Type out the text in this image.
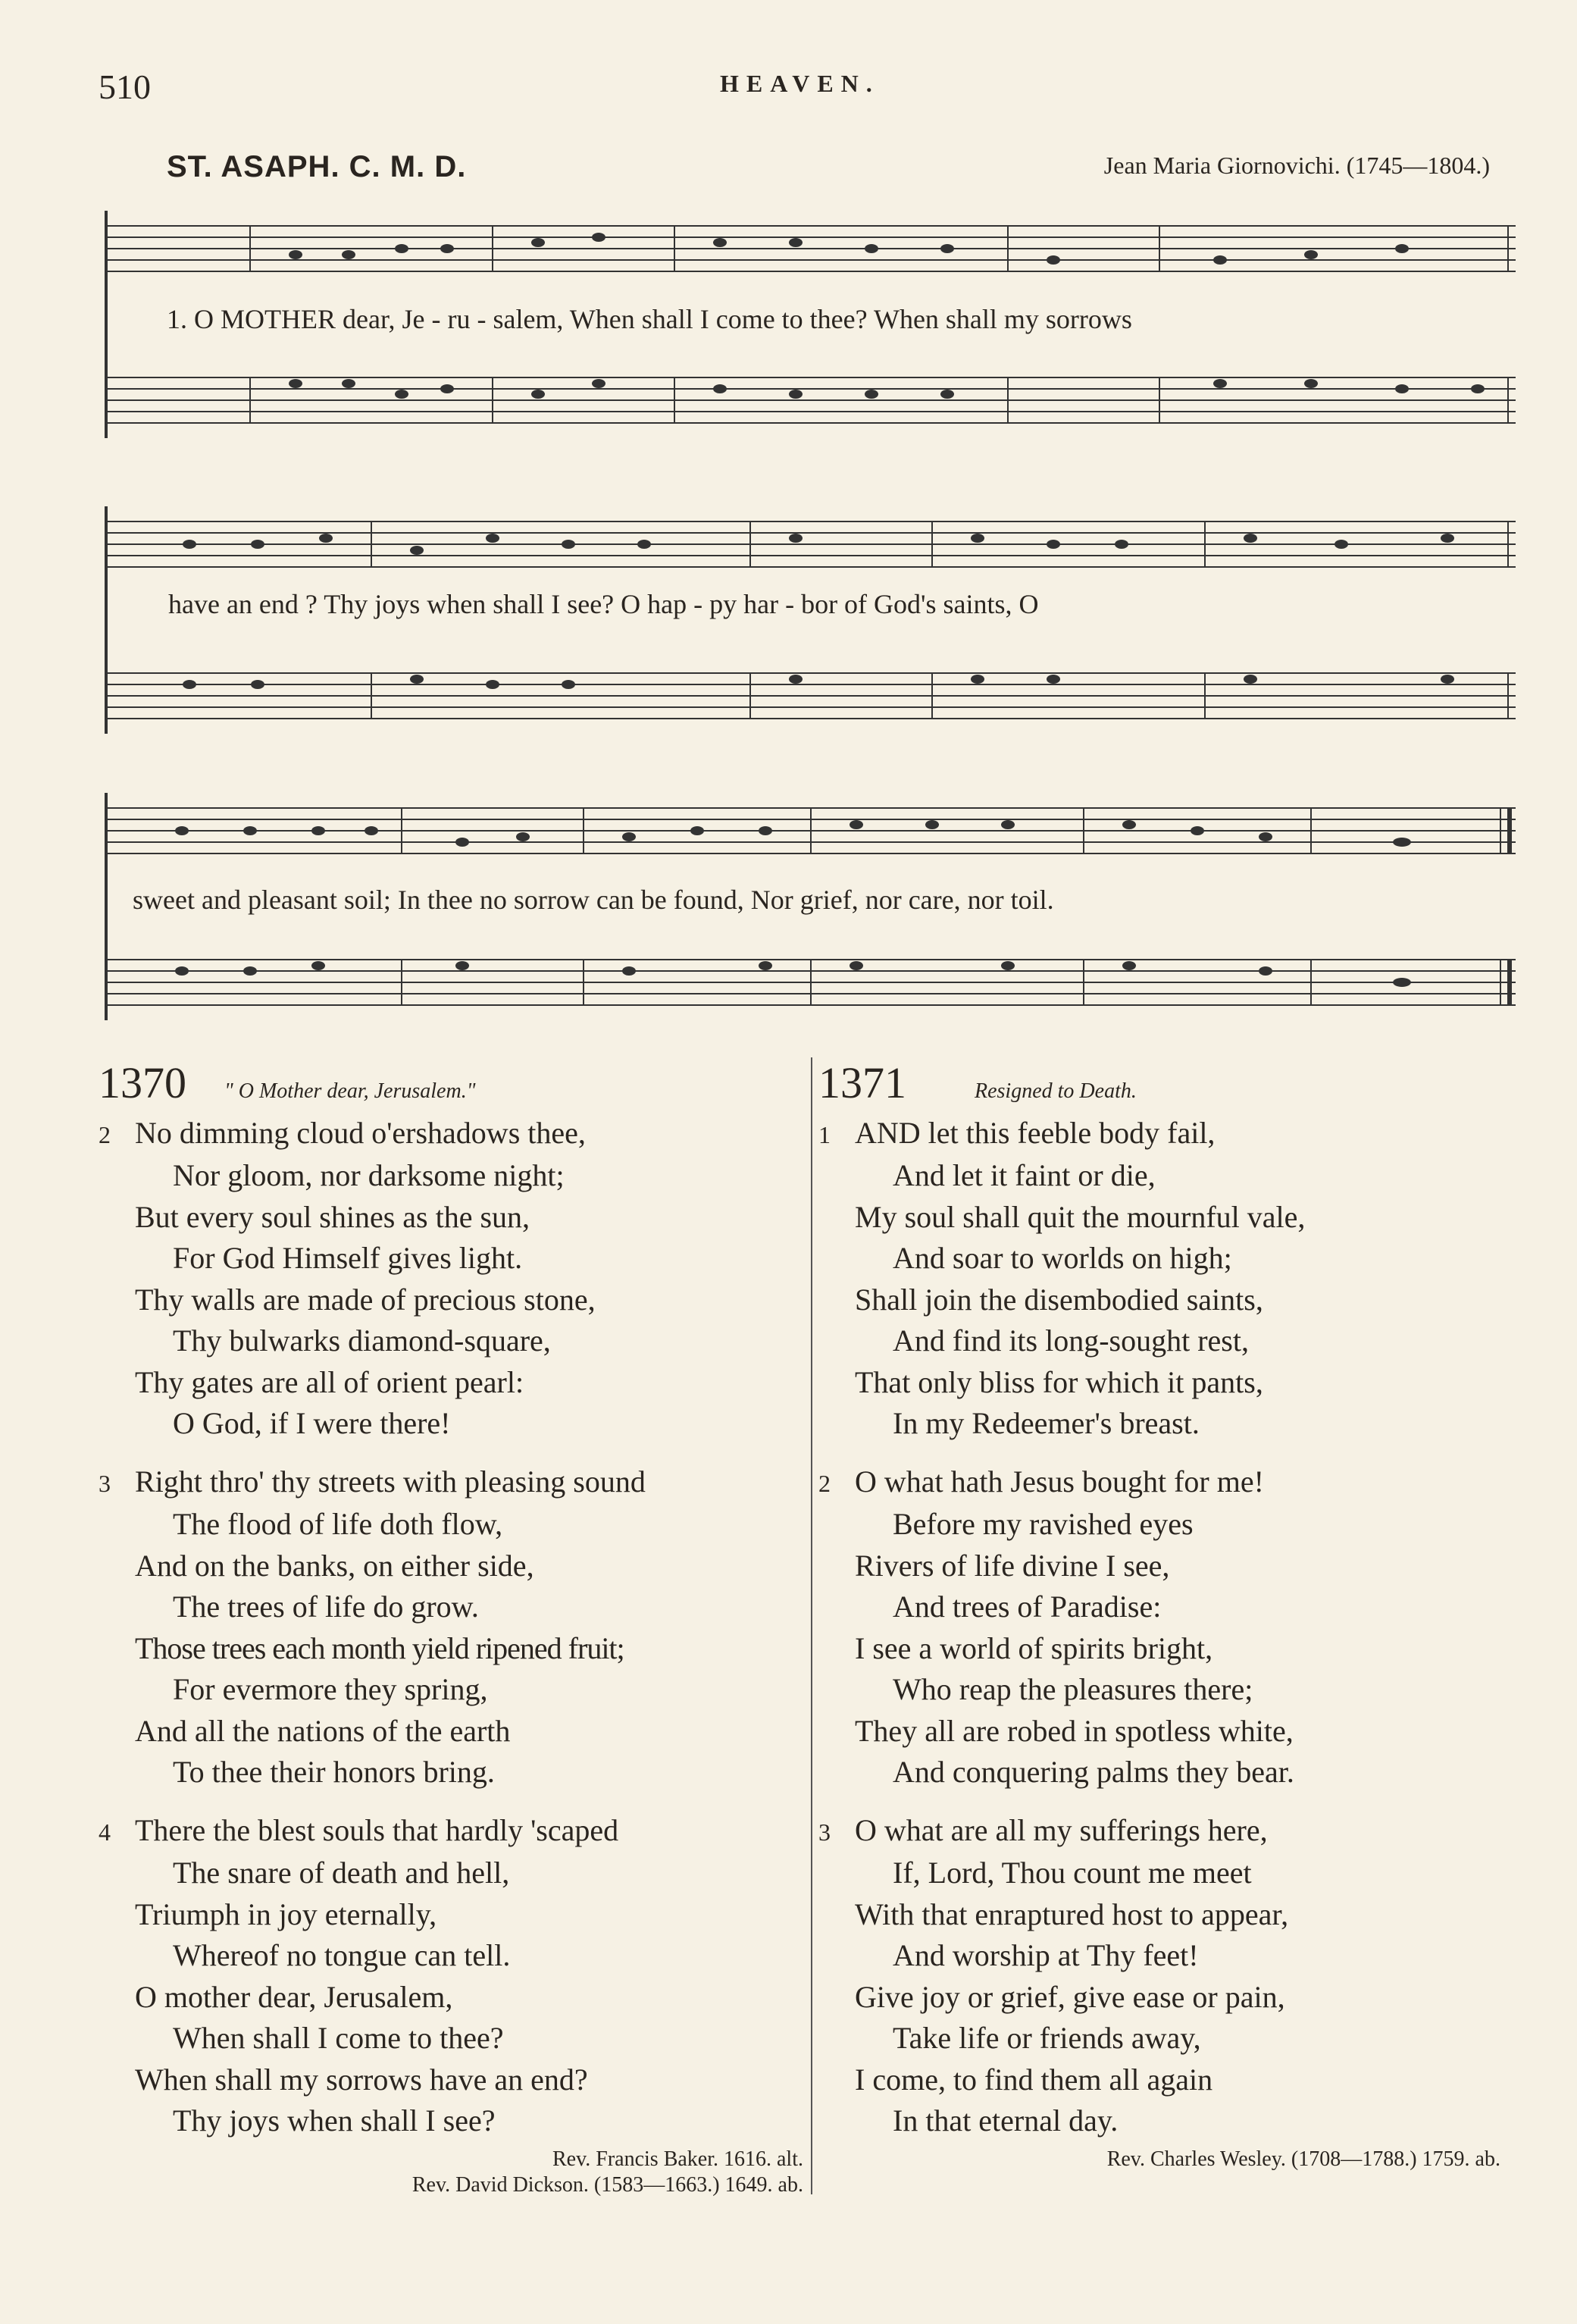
510	HEAVEN.
ST. ASAPH. C. M. D.	Jean Maria Giornovichi. (1745—1804.)
1. O MOTHER dear, Je - ru - salem, When shall I come to thee? When shall my sorrows
have an end ? Thy joys when shall I see? O hap - py har - bor of God's saints, O
sweet and pleasant soil; In thee no sorrow can be found, Nor grief, nor care, nor toil.
1370 " O Mother dear, Jerusalem."
2 No dimming cloud o'ershadows thee,
Nor gloom, nor darksome night;
But every soul shines as the sun,
For God Himself gives light.
Thy walls are made of precious stone,
Thy bulwarks diamond-square,
Thy gates are all of orient pearl:
O God, if I were there!
3 Right thro' thy streets with pleasing sound
The flood of life doth flow,
And on the banks, on either side,
The trees of life do grow.
Those trees each month yield ripened fruit;
For evermore they spring,
And all the nations of the earth
To thee their honors bring.
4 There the blest souls that hardly 'scaped
The snare of death and hell,
Triumph in joy eternally,
Whereof no tongue can tell.
O mother dear, Jerusalem,
When shall I come to thee?
When shall my sorrows have an end?
Thy joys when shall I see?
Rev. Francis Baker. 1616. alt.
Rev. David Dickson. (1583—1663.) 1649. ab.
1371	Resigned to Death.
1 AND let this feeble body fail,
And let it faint or die,
My soul shall quit the mournful vale,
And soar to worlds on high;
Shall join the disembodied saints,
And find its long-sought rest,
That only bliss for which it pants,
In my Redeemer's breast.
2 O what hath Jesus bought for me!
Before my ravished eyes
Rivers of life divine I see,
And trees of Paradise:
I see a world of spirits bright,
Who reap the pleasures there;
They all are robed in spotless white,
And conquering palms they bear.
3 O what are all my sufferings here,
If, Lord, Thou count me meet
With that enraptured host to appear,
And worship at Thy feet!
Give joy or grief, give ease or pain,
Take life or friends away,
I come, to find them all again
In that eternal day.
Rev. Charles Wesley. (1708—1788.) 1759. ab.
